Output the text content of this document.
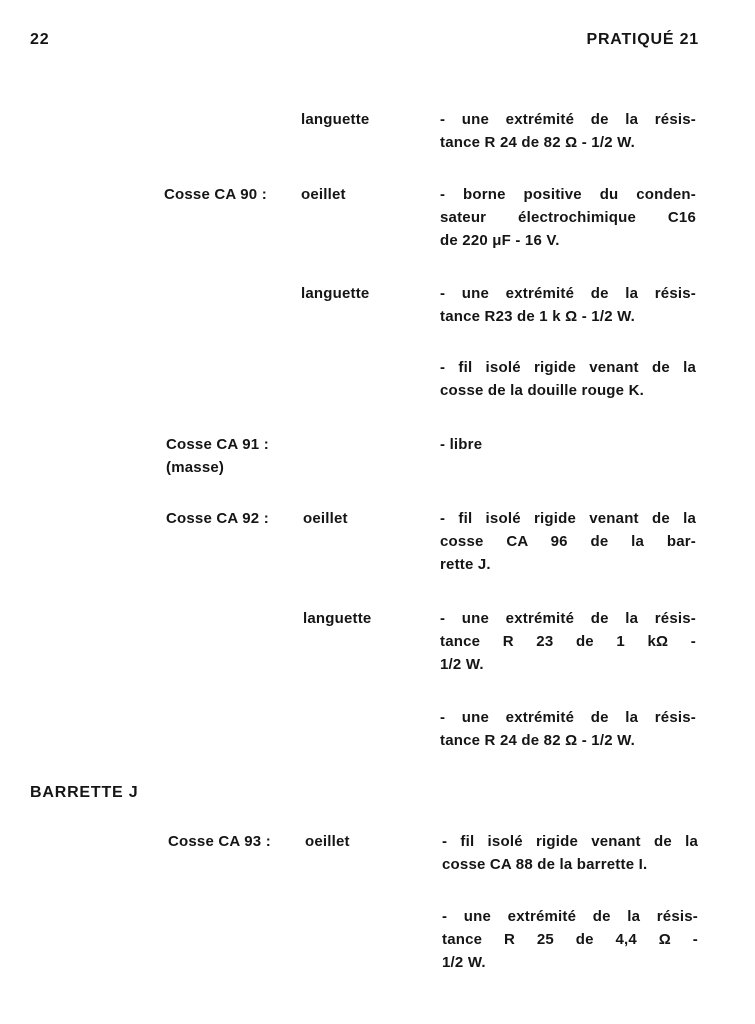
22	PRATIQUÉ 21
languette	- une extrémité de la résis-
tance R 24 de 82 Ω - 1/2 W.
Cosse CA 90 : oeillet	- borne positive du conden-
sateur électrochimique C16
de 220 μF - 16 V.
languette	- une extrémité de la résis-
tance R23 de 1 k Ω - 1/2 W.
- fil isolé rigide venant de la
cosse de la douille rouge K.
Cosse CA 91 :
(masse)
- libre
Cosse CA 92 : oeillet	- fil isolé rigide venant de la
cosse CA 96 de la bar-
rette J.
languette	- une extrémité de la résis-
tance R 23 de 1 kΩ -
1/2 W.
- une extrémité de la résis-
tance R 24 de 82 Ω - 1/2 W.
BARRETTE J
Cosse CA 93 : oeillet	- fil isolé rigide venant de la
cosse CA 88 de la barrette I.
- une extrémité de la résis-
tance R 25 de 4,4 Ω -
1/2 W.
